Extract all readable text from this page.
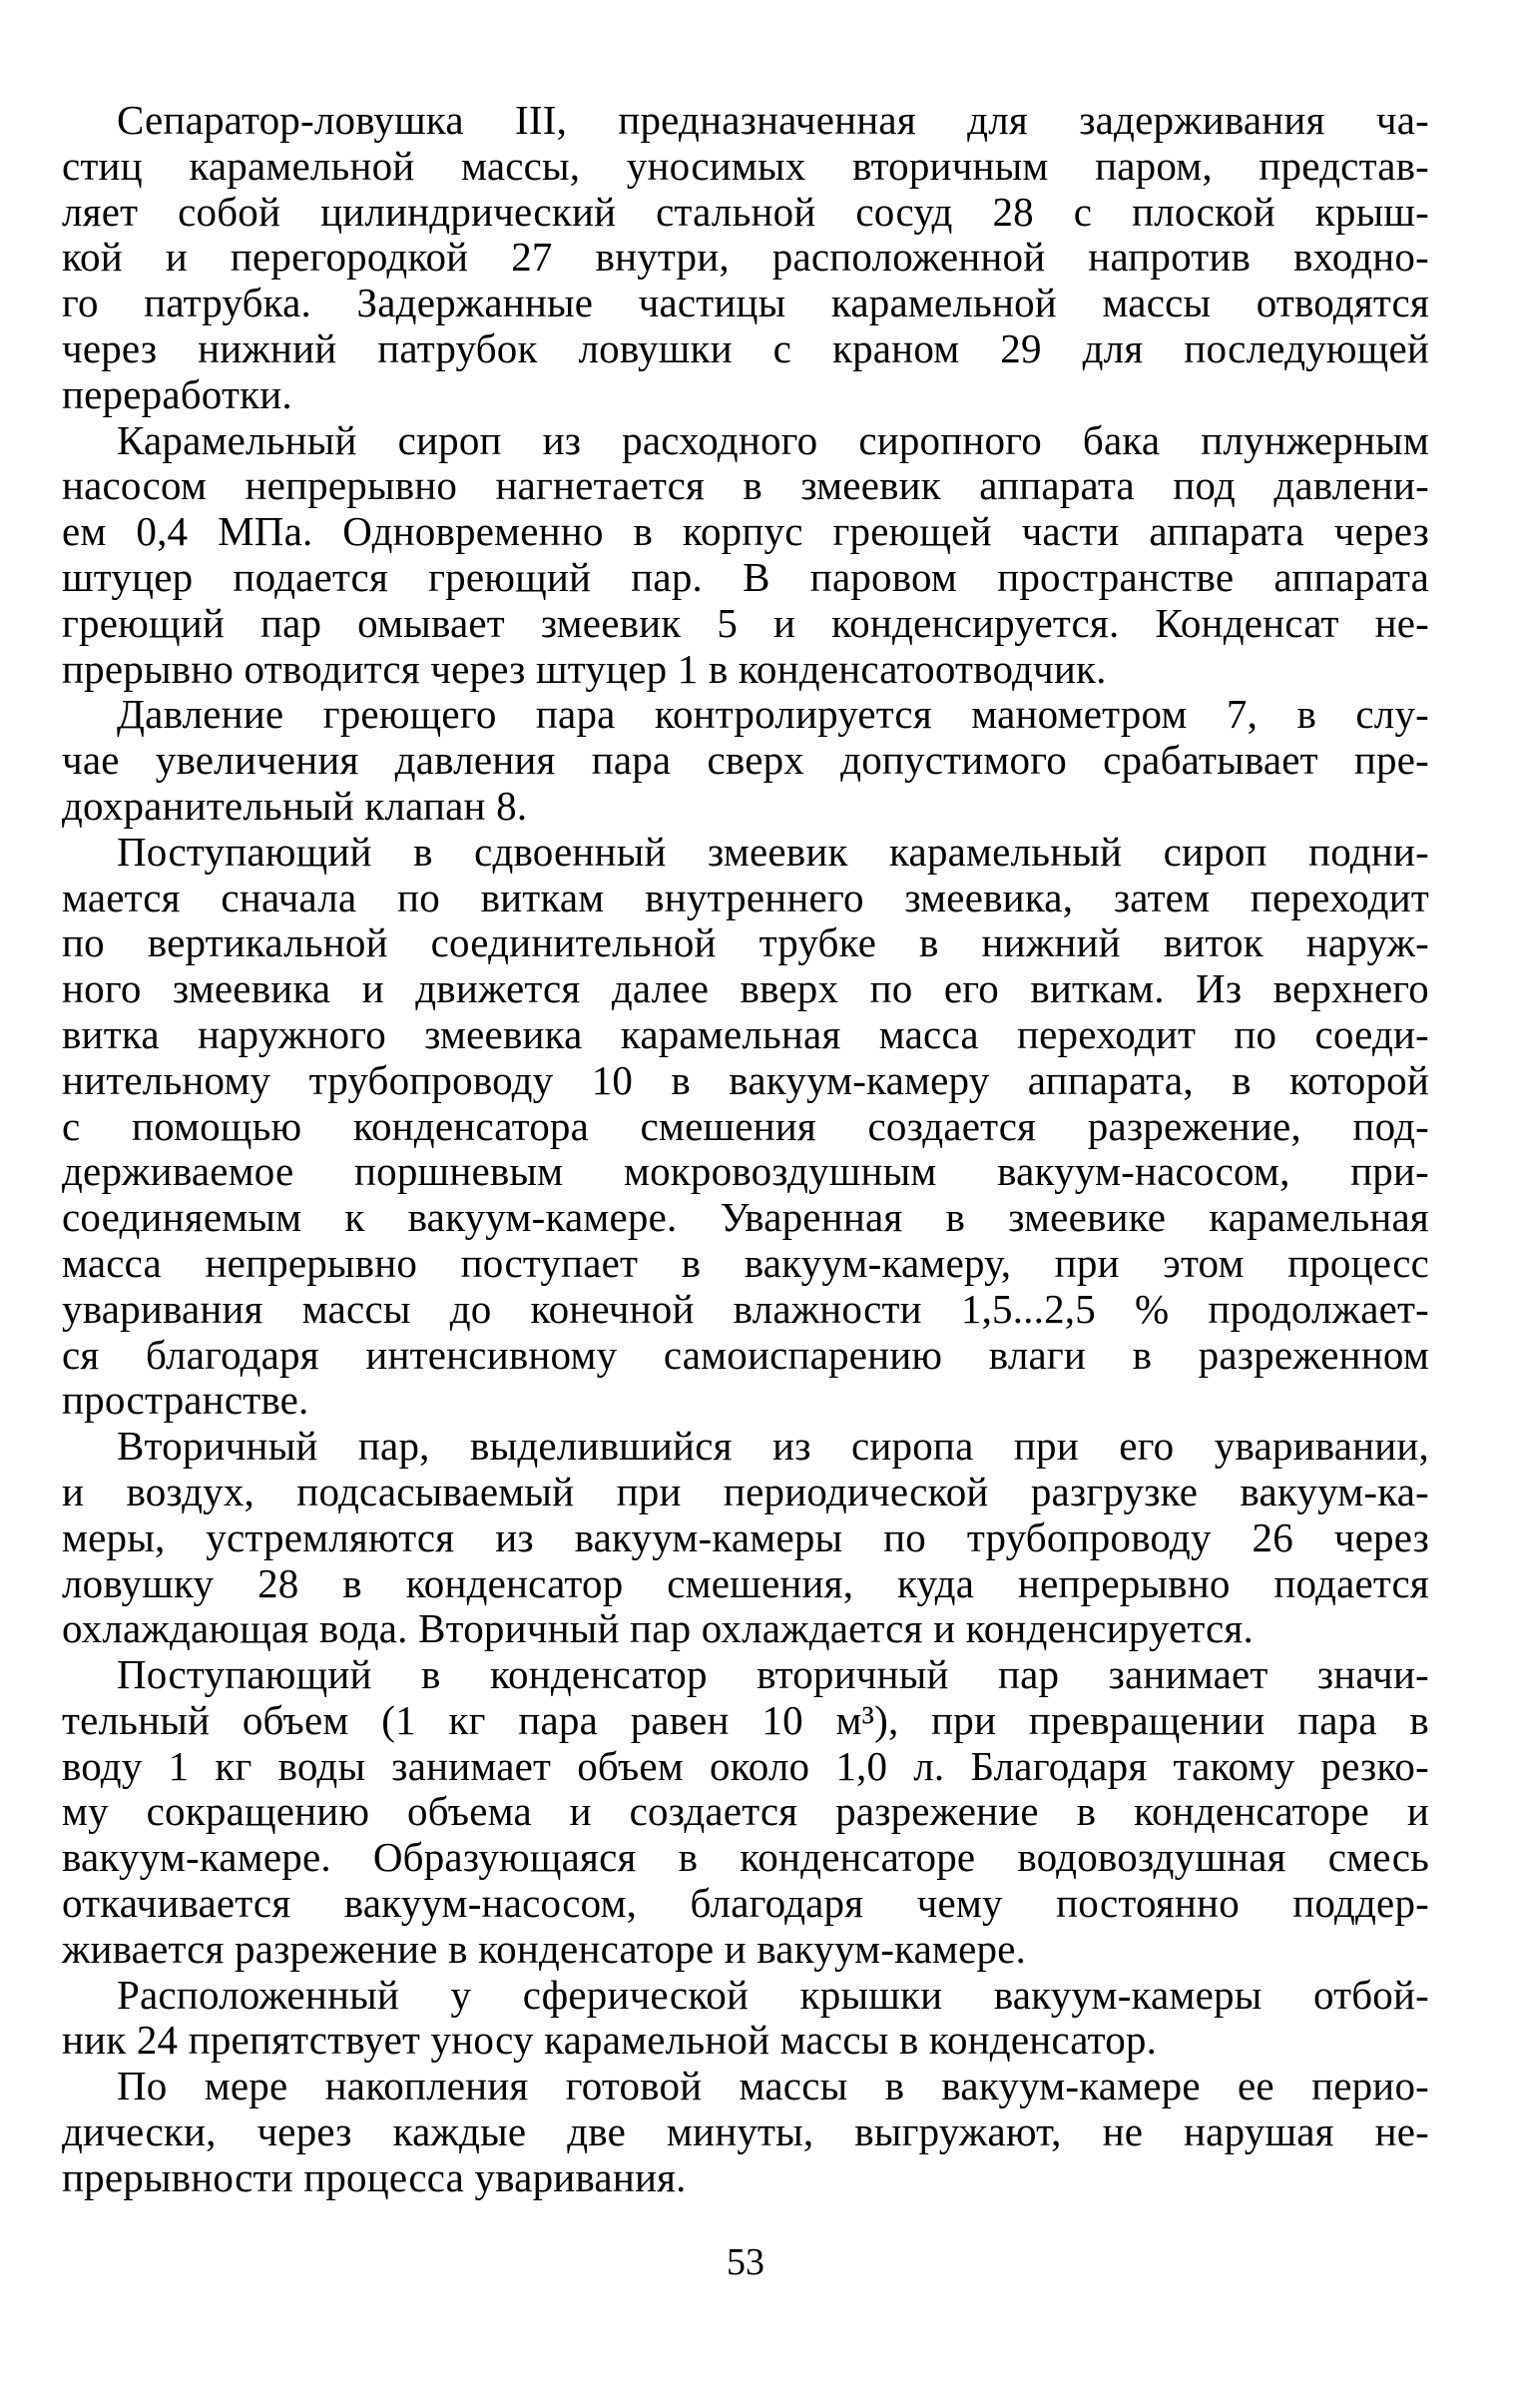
Сепаратор-ловушка III, предназначенная для задерживания ча-
стиц карамельной массы, уносимых вторичным паром, представ-
ляет собой цилиндрический стальной сосуд 28 с плоской крыш-
кой и перегородкой 27 внутри, расположенной напротив входно-
го патрубка. Задержанные частицы карамельной массы отводятся
через нижний патрубок ловушки с краном 29 для последующей
переработки.
Карамельный сироп из расходного сиропного бака плунжерным
насосом непрерывно нагнетается в змеевик аппарата под давлени-
ем 0,4 МПа. Одновременно в корпус греющей части аппарата через
штуцер подается греющий пар. В паровом пространстве аппарата
греющий пар омывает змеевик 5 и конденсируется. Конденсат не-
прерывно отводится через штуцер 1 в конденсатоотводчик.
Давление греющего пара контролируется манометром 7, в слу-
чае увеличения давления пара сверх допустимого срабатывает пре-
дохранительный клапан 8.
Поступающий в сдвоенный змеевик карамельный сироп подни-
мается сначала по виткам внутреннего змеевика, затем переходит
по вертикальной соединительной трубке в нижний виток наруж-
ного змеевика и движется далее вверх по его виткам. Из верхнего
витка наружного змеевика карамельная масса переходит по соеди-
нительному трубопроводу 10 в вакуум-камеру аппарата, в которой
с помощью конденсатора смешения создается разрежение, под-
держиваемое поршневым мокровоздушным вакуум-насосом, при-
соединяемым к вакуум-камере. Уваренная в змеевике карамельная
масса непрерывно поступает в вакуум-камеру, при этом процесс
уваривания массы до конечной влажности 1,5...2,5 % продолжает-
ся благодаря интенсивному самоиспарению влаги в разреженном
пространстве.
Вторичный пар, выделившийся из сиропа при его уваривании,
и воздух, подсасываемый при периодической разгрузке вакуум-ка-
меры, устремляются из вакуум-камеры по трубопроводу 26 через
ловушку 28 в конденсатор смешения, куда непрерывно подается
охлаждающая вода. Вторичный пар охлаждается и конденсируется.
Поступающий в конденсатор вторичный пар занимает значи-
тельный объем (1 кг пара равен 10 м³), при превращении пара в
воду 1 кг воды занимает объем около 1,0 л. Благодаря такому резко-
му сокращению объема и создается разрежение в конденсаторе и
вакуум-камере. Образующаяся в конденсаторе водовоздушная смесь
откачивается вакуум-насосом, благодаря чему постоянно поддер-
живается разрежение в конденсаторе и вакуум-камере.
Расположенный у сферической крышки вакуум-камеры отбой-
ник 24 препятствует уносу карамельной массы в конденсатор.
По мере накопления готовой массы в вакуум-камере ее перио-
дически, через каждые две минуты, выгружают, не нарушая не-
прерывности процесса уваривания.
53
